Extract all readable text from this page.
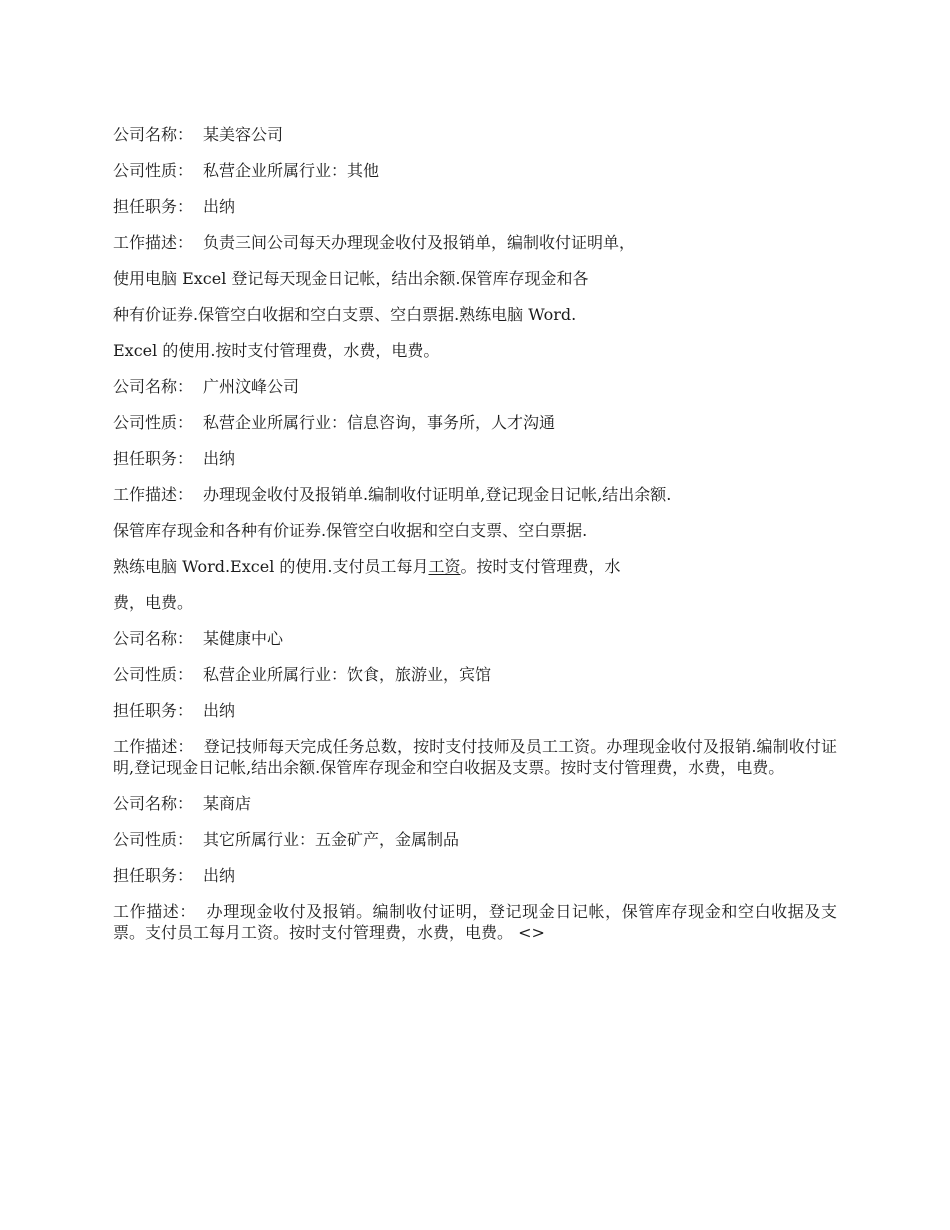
公司名称： 某美容公司
公司性质： 私营企业所属行业：其他
担任职务： 出纳
工作描述： 负责三间公司每天办理现金收付及报销单，编制收付证明单，
使用电脑 Excel 登记每天现金日记帐，结出余额.保管库存现金和各
种有价证券.保管空白收据和空白支票、空白票据.熟练电脑 Word.
Excel 的使用.按时支付管理费，水费，电费。
公司名称： 广州汶峰公司
公司性质： 私营企业所属行业：信息咨询，事务所，人才沟通
担任职务： 出纳
工作描述： 办理现金收付及报销单.编制收付证明单,登记现金日记帐,结出余额.
保管库存现金和各种有价证券.保管空白收据和空白支票、空白票据.
熟练电脑 Word.Excel 的使用.支付员工每月工资。按时支付管理费，水
费，电费。
公司名称： 某健康中心
公司性质： 私营企业所属行业：饮食，旅游业，宾馆
担任职务： 出纳
工作描述： 登记技师每天完成任务总数，按时支付技师及员工工资。办理现金收付及报销.编制收付证明,登记现金日记帐,结出余额.保管库存现金和空白收据及支票。按时支付管理费，水费，电费。
公司名称： 某商店
公司性质： 其它所属行业：五金矿产，金属制品
担任职务： 出纳
工作描述： 办理现金收付及报销。编制收付证明，登记现金日记帐，保管库存现金和空白收据及支票。支付员工每月工资。按时支付管理费，水费，电费。 <>
